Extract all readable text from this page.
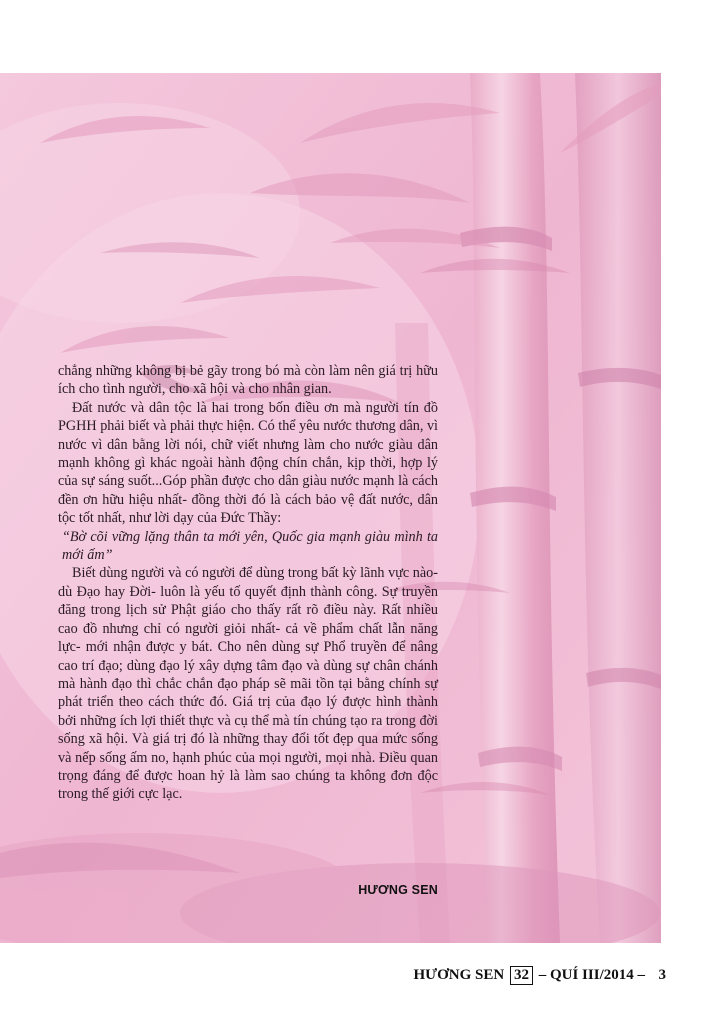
chẳng những không bị bẻ gãy trong bó mà còn làm nên giá trị hữu ích cho tình người, cho xã hội và cho nhân gian.

Đất nước và dân tộc là hai trong bốn điều ơn mà người tín đồ PGHH phải biết và phải thực hiện. Có thể yêu nước thương dân, vì nước vì dân bằng lời nói, chữ viết nhưng làm cho nước giàu dân mạnh không gì khác ngoài hành động chín chắn, kịp thời, hợp lý của sự sáng suốt...Góp phần được cho dân giàu nước mạnh là cách đền ơn hữu hiệu nhất- đồng thời đó là cách bảo vệ đất nước, dân tộc tốt nhất, như lời dạy của Đức Thầy:

“Bờ cõi vững lặng thân ta mới yên, Quốc gia mạnh giàu mình ta mới ấm”

Biết dùng người và có người để dùng trong bất kỳ lãnh vực nào-dù Đạo hay Đời- luôn là yếu tố quyết định thành công. Sự truyền đăng trong lịch sử Phật giáo cho thấy rất rõ điều này. Rất nhiều cao đồ nhưng chỉ có người giỏi nhất- cả về phẩm chất lẫn năng lực- mới nhận được y bát. Cho nên dùng sự Phổ truyền để nâng cao trí đạo; dùng đạo lý xây dựng tâm đạo và dùng sự chân chánh mà hành đạo thì chắc chắn đạo pháp sẽ mãi tồn tại bằng chính sự phát triển theo cách thức đó. Giá trị của đạo lý được hình thành bởi những ích lợi thiết thực và cụ thể mà tín chúng tạo ra trong đời sống xã hội. Và giá trị đó là những thay đổi tốt đẹp qua mức sống và nếp sống ấm no, hạnh phúc của mọi người, mọi nhà. Điều quan trọng đáng để được hoan hỷ là làm sao chúng ta không đơn độc trong thế giới cực lạc.

HƯƠNG SEN
HƯƠNG SEN 32 – QUÍ III/2014 – 3
